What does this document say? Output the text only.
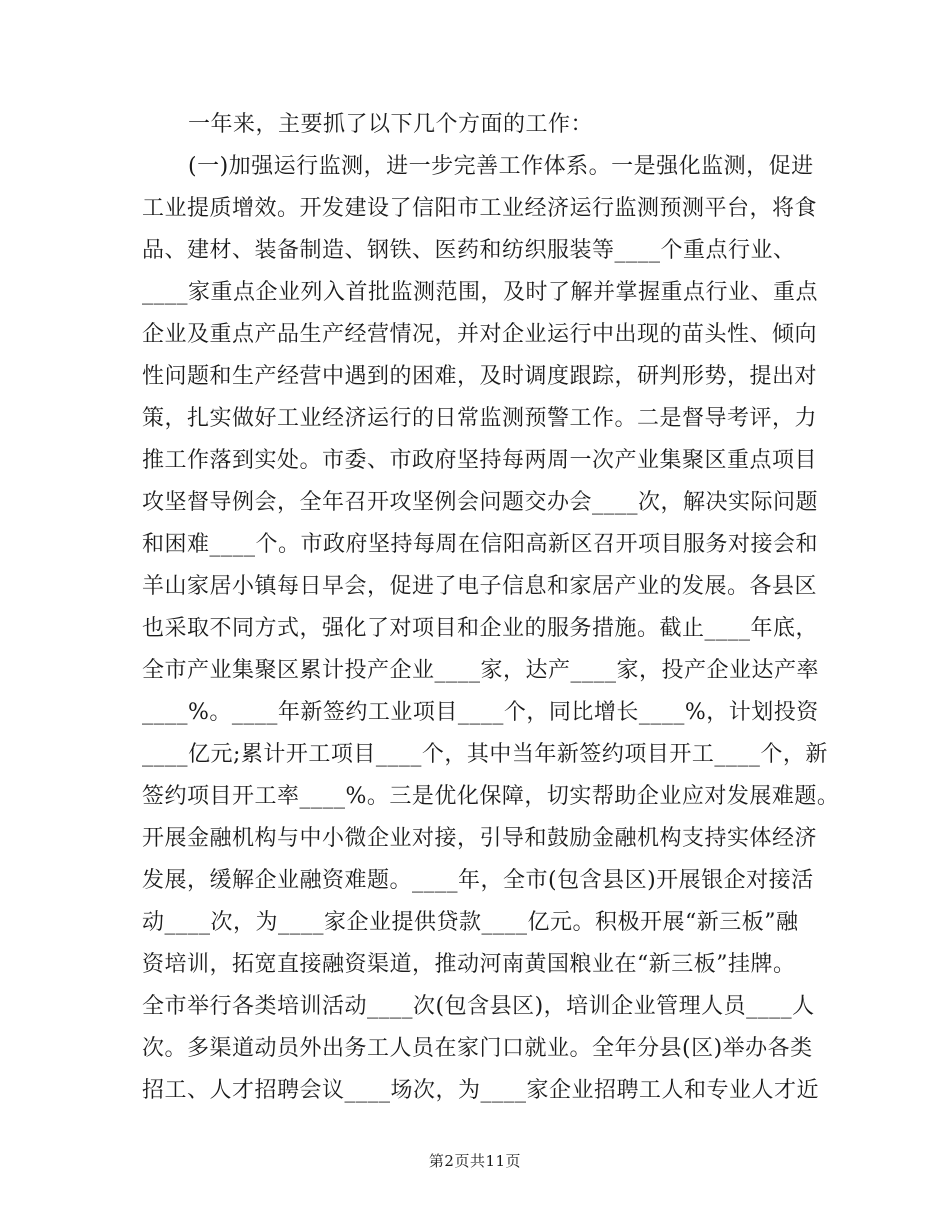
一年来，主要抓了以下几个方面的工作：
(一)加强运行监测，进一步完善工作体系。一是强化监测，促进
工业提质增效。开发建设了信阳市工业经济运行监测预测平台，将食
品、建材、装备制造、钢铁、医药和纺织服装等____个重点行业、
____家重点企业列入首批监测范围，及时了解并掌握重点行业、重点
企业及重点产品生产经营情况，并对企业运行中出现的苗头性、倾向
性问题和生产经营中遇到的困难，及时调度跟踪，研判形势，提出对
策，扎实做好工业经济运行的日常监测预警工作。二是督导考评，力
推工作落到实处。市委、市政府坚持每两周一次产业集聚区重点项目
攻坚督导例会，全年召开攻坚例会问题交办会____次，解决实际问题
和困难____个。市政府坚持每周在信阳高新区召开项目服务对接会和
羊山家居小镇每日早会，促进了电子信息和家居产业的发展。各县区
也采取不同方式，强化了对项目和企业的服务措施。截止____年底，
全市产业集聚区累计投产企业____家，达产____家，投产企业达产率
____%。____年新签约工业项目____个，同比增长____%，计划投资
____亿元;累计开工项目____个，其中当年新签约项目开工____个，新
签约项目开工率____%。三是优化保障，切实帮助企业应对发展难题。
开展金融机构与中小微企业对接，引导和鼓励金融机构支持实体经济
发展，缓解企业融资难题。____年，全市(包含县区)开展银企对接活
动____次，为____家企业提供贷款____亿元。积极开展“新三板”融
资培训，拓宽直接融资渠道，推动河南黄国粮业在“新三板”挂牌。
全市举行各类培训活动____次(包含县区)，培训企业管理人员____人
次。多渠道动员外出务工人员在家门口就业。全年分县(区)举办各类
招工、人才招聘会议____场次，为____家企业招聘工人和专业人才近
第2页共11页
